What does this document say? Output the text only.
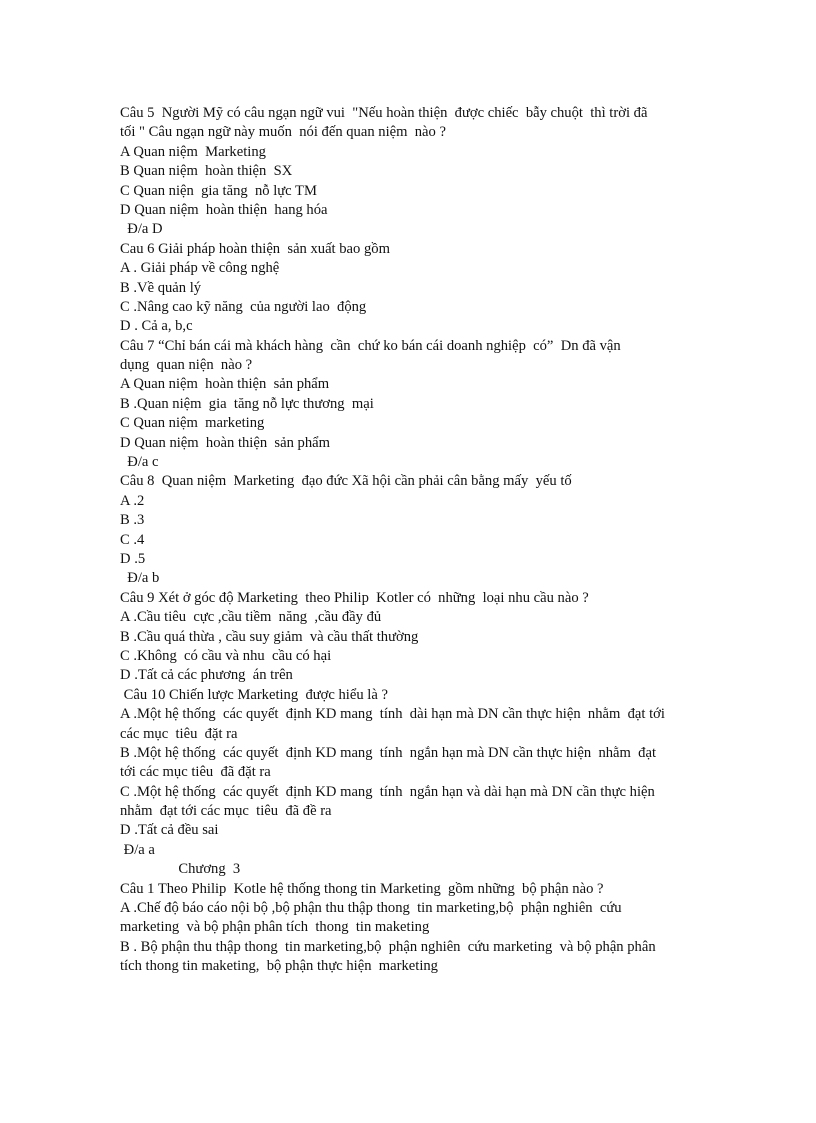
Câu 5  Người Mỹ có câu ngạn ngữ vui  "Nếu hoàn thiện  được chiếc  bẫy chuột  thì trời đã
tối " Câu ngạn ngữ này muốn  nói đến quan niệm  nào ?
A Quan niệm  Marketing
B Quan niệm  hoàn thiện  SX
C Quan niện  gia tăng  nỗ lực TM
D Quan niệm  hoàn thiện  hang hóa
Đ/a D
Cau 6 Giải pháp hoàn thiện  sản xuất bao gồm
A . Giải pháp về công nghệ
B .Về quản lý
C .Nâng cao kỹ năng  của người lao  động
D . Cả a, b,c
Câu 7 “Chỉ bán cái mà khách hàng  cần  chứ ko bán cái doanh nghiệp  có”  Dn đã vận
dụng  quan niện  nào ?
A Quan niệm  hoàn thiện  sản phẩm
B .Quan niệm  gia  tăng nỗ lực thương  mại
C Quan niệm  marketing
D Quan niệm  hoàn thiện  sản phẩm
Đ/a c
Câu 8  Quan niệm  Marketing  đạo đức Xã hội cần phải cân bằng mấy  yếu tố
A .2
B .3
C .4
D .5
Đ/a b
Câu 9 Xét ở góc độ Marketing  theo Philip  Kotler có  những  loại nhu cầu nào ?
A .Cầu tiêu  cực ,cầu tiềm  năng  ,cầu đầy đủ
B .Cầu quá thừa , cầu suy giảm  và cầu thất thường
C .Không  có cầu và nhu  cầu có hại
D .Tất cả các phương  án trên
Câu 10 Chiến lược Marketing  được hiểu là ?
A .Một hệ thống  các quyết  định KD mang  tính  dài hạn mà DN cần thực hiện  nhằm  đạt tới
các mục  tiêu  đặt ra
B .Một hệ thống  các quyết  định KD mang  tính  ngắn hạn mà DN cần thực hiện  nhằm  đạt
tới các mục tiêu  đã đặt ra
C .Một hệ thống  các quyết  định KD mang  tính  ngắn hạn và dài hạn mà DN cần thực hiện
nhằm  đạt tới các mục  tiêu  đã đề ra
D .Tất cả đều sai
Đ/a a
Chương  3
Câu 1 Theo Philip  Kotle hệ thống thong tin Marketing  gồm những  bộ phận nào ?
A .Chế độ báo cáo nội bộ ,bộ phận thu thập thong  tin marketing,bộ  phận nghiên  cứu
marketing  và bộ phận phân tích  thong  tin maketing
B . Bộ phận thu thập thong  tin marketing,bộ  phận nghiên  cứu marketing  và bộ phận phân
tích thong tin maketing,  bộ phận thực hiện  marketing
